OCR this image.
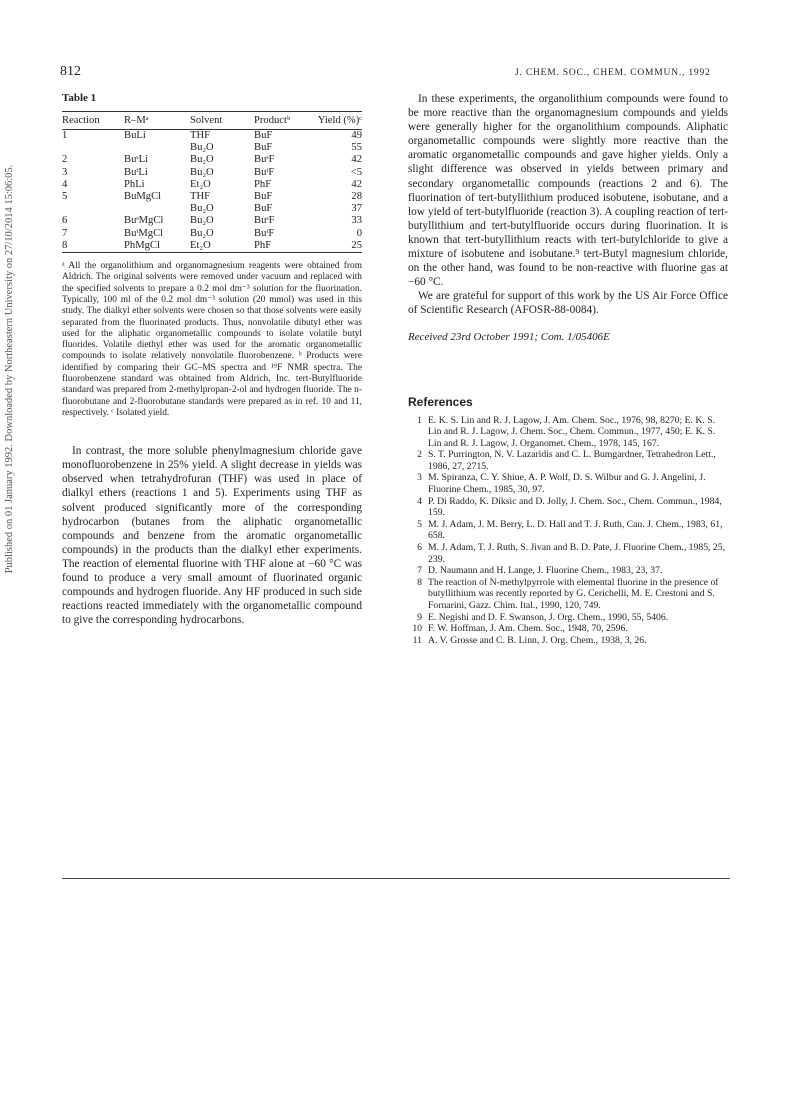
Published on 01 January 1992. Downloaded by Northeastern University on 27/10/2014 15:06:05.
812	J. CHEM. SOC., CHEM. COMMUN., 1992
Table 1
Reaction	R–Mᵃ	Solvent	Productᵇ	Yield (%)ᶜ
1	BuLi	THF	BuF	49
		Bu₂O	BuF	55
2	BuˢLi	Bu₂O	BuˢF	42
3	BuᵗLi	Bu₂O	BuᵗF	<5
4	PhLi	Et₂O	PhF	42
5	BuMgCl	THF	BuF	28
		Bu₂O	BuF	37
6	BuˢMgCl	Bu₂O	BuˢF	33
7	BuᵗMgCl	Bu₂O	BuᵗF	0
8	PhMgCl	Et₂O	PhF	25
ᵃ All the organolithium and organomagnesium reagents were obtained from Aldrich. The original solvents were removed under vacuum and replaced with the specified solvents to prepare a 0.2 mol dm⁻³ solution for the fluorination. Typically, 100 ml of the 0.2 mol dm⁻³ solution (20 mmol) was used in this study. The dialkyl ether solvents were chosen so that those solvents were easily separated from the fluorinated products. Thus, nonvolatile dibutyl ether was used for the aliphatic organometallic compounds to isolate volatile butyl fluorides. Volatile diethyl ether was used for the aromatic organometallic compounds to isolate relatively nonvolatile fluorobenzene. ᵇ Products were identified by comparing their GC–MS spectra and ¹⁹F NMR spectra. The fluorobenzene standard was obtained from Aldrich, Inc. tert-Butylfluoride standard was prepared from 2-methylpropan-2-ol and hydrogen fluoride. The n-fluorobutane and 2-fluorobutane standards were prepared as in ref. 10 and 11, respectively. ᶜ Isolated yield.

In contrast, the more soluble phenylmagnesium chloride gave monofluorobenzene in 25% yield. A slight decrease in yields was observed when tetrahydrofuran (THF) was used in place of dialkyl ethers (reactions 1 and 5). Experiments using THF as solvent produced significantly more of the corresponding hydrocarbon (butanes from the aliphatic organometallic compounds and benzene from the aromatic organometallic compounds) in the products than the dialkyl ether experiments. The reaction of elemental fluorine with THF alone at −60 °C was found to produce a very small amount of fluorinated organic compounds and hydrogen fluoride. Any HF produced in such side reactions reacted immediately with the organometallic compound to give the corresponding hydrocarbons.

In these experiments, the organolithium compounds were found to be more reactive than the organomagnesium compounds and yields were generally higher for the organolithium compounds. Aliphatic organometallic compounds were slightly more reactive than the aromatic organometallic compounds and gave higher yields. Only a slight difference was observed in yields between primary and secondary organometallic compounds (reactions 2 and 6). The fluorination of tert-butyllithium produced isobutene, isobutane, and a low yield of tert-butylfluoride (reaction 3). A coupling reaction of tert-butyllithium and tert-butylfluoride occurs during fluorination. It is known that tert-butyllithium reacts with tert-butylchloride to give a mixture of isobutene and isobutane.⁹ tert-Butyl magnesium chloride, on the other hand, was found to be non-reactive with fluorine gas at −60 °C.

We are grateful for support of this work by the US Air Force Office of Scientific Research (AFOSR-88-0084).

Received 23rd October 1991; Com. 1/05406E
References
1 E. K. S. Lin and R. J. Lagow, J. Am. Chem. Soc., 1976, 98, 8270; E. K. S. Lin and R. J. Lagow, J. Chem. Soc., Chem. Commun., 1977, 450; E. K. S. Lin and R. J. Lagow, J. Organomet. Chem., 1978, 145, 167.
2 S. T. Purrington, N. V. Lazaridis and C. L. Bumgardner, Tetrahedron Lett., 1986, 27, 2715.
3 M. Spiranza, C. Y. Shiue, A. P. Wolf, D. S. Wilbur and G. J. Angelini, J. Fluorine Chem., 1985, 30, 97.
4 P. Di Raddo, K. Diksic and D. Jolly, J. Chem. Soc., Chem. Commun., 1984, 159.
5 M. J. Adam, J. M. Berry, L. D. Hall and T. J. Ruth, Can. J. Chem., 1983, 61, 658.
6 M. J. Adam, T. J. Ruth, S. Jivan and B. D. Pate, J. Fluorine Chem., 1985, 25, 239.
7 D. Naumann and H. Lange, J. Fluorine Chem., 1983, 23, 37.
8 The reaction of N-methylpyrrole with elemental fluorine in the presence of butyllithium was recently reported by G. Cerichelli, M. E. Crestoni and S. Fornarini, Gazz. Chim. Ital., 1990, 120, 749.
9 E. Negishi and D. F. Swanson, J. Org. Chem., 1990, 55, 5406.
10 F. W. Hoffman, J. Am. Chem. Soc., 1948, 70, 2596.
11 A. V. Grosse and C. B. Linn, J. Org. Chem., 1938, 3, 26.
